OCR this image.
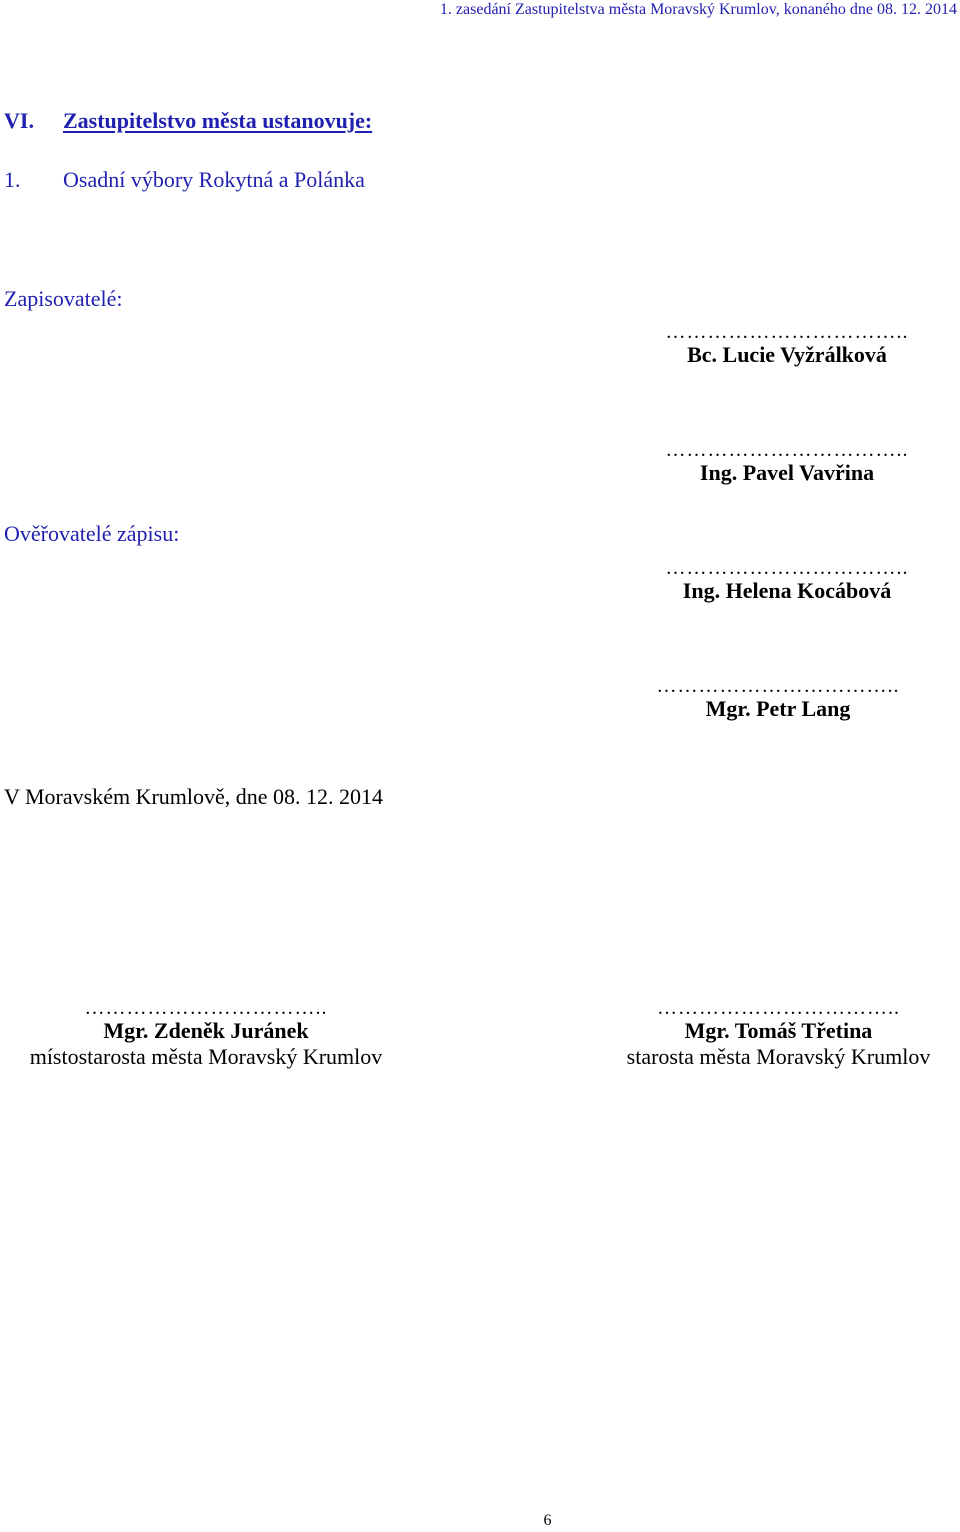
1. zasedání Zastupitelstva města Moravský Krumlov, konaného dne 08. 12. 2014
VI. Zastupitelstvo města ustanovuje:
1. Osadní výbory Rokytná a Polánka
Zapisovatelé:
……………………………..
Bc. Lucie Vyžrálková
……………………………..
Ing. Pavel Vavřina
Ověřovatelé zápisu:
……………………………..
Ing. Helena Kocábová
……………………………..
Mgr. Petr Lang
V Moravském Krumlově, dne 08. 12. 2014
……………………………..
Mgr. Zdeněk Juránek
místostarosta města Moravský Krumlov
……………………………..
Mgr. Tomáš Třetina
starosta města Moravský Krumlov
6
